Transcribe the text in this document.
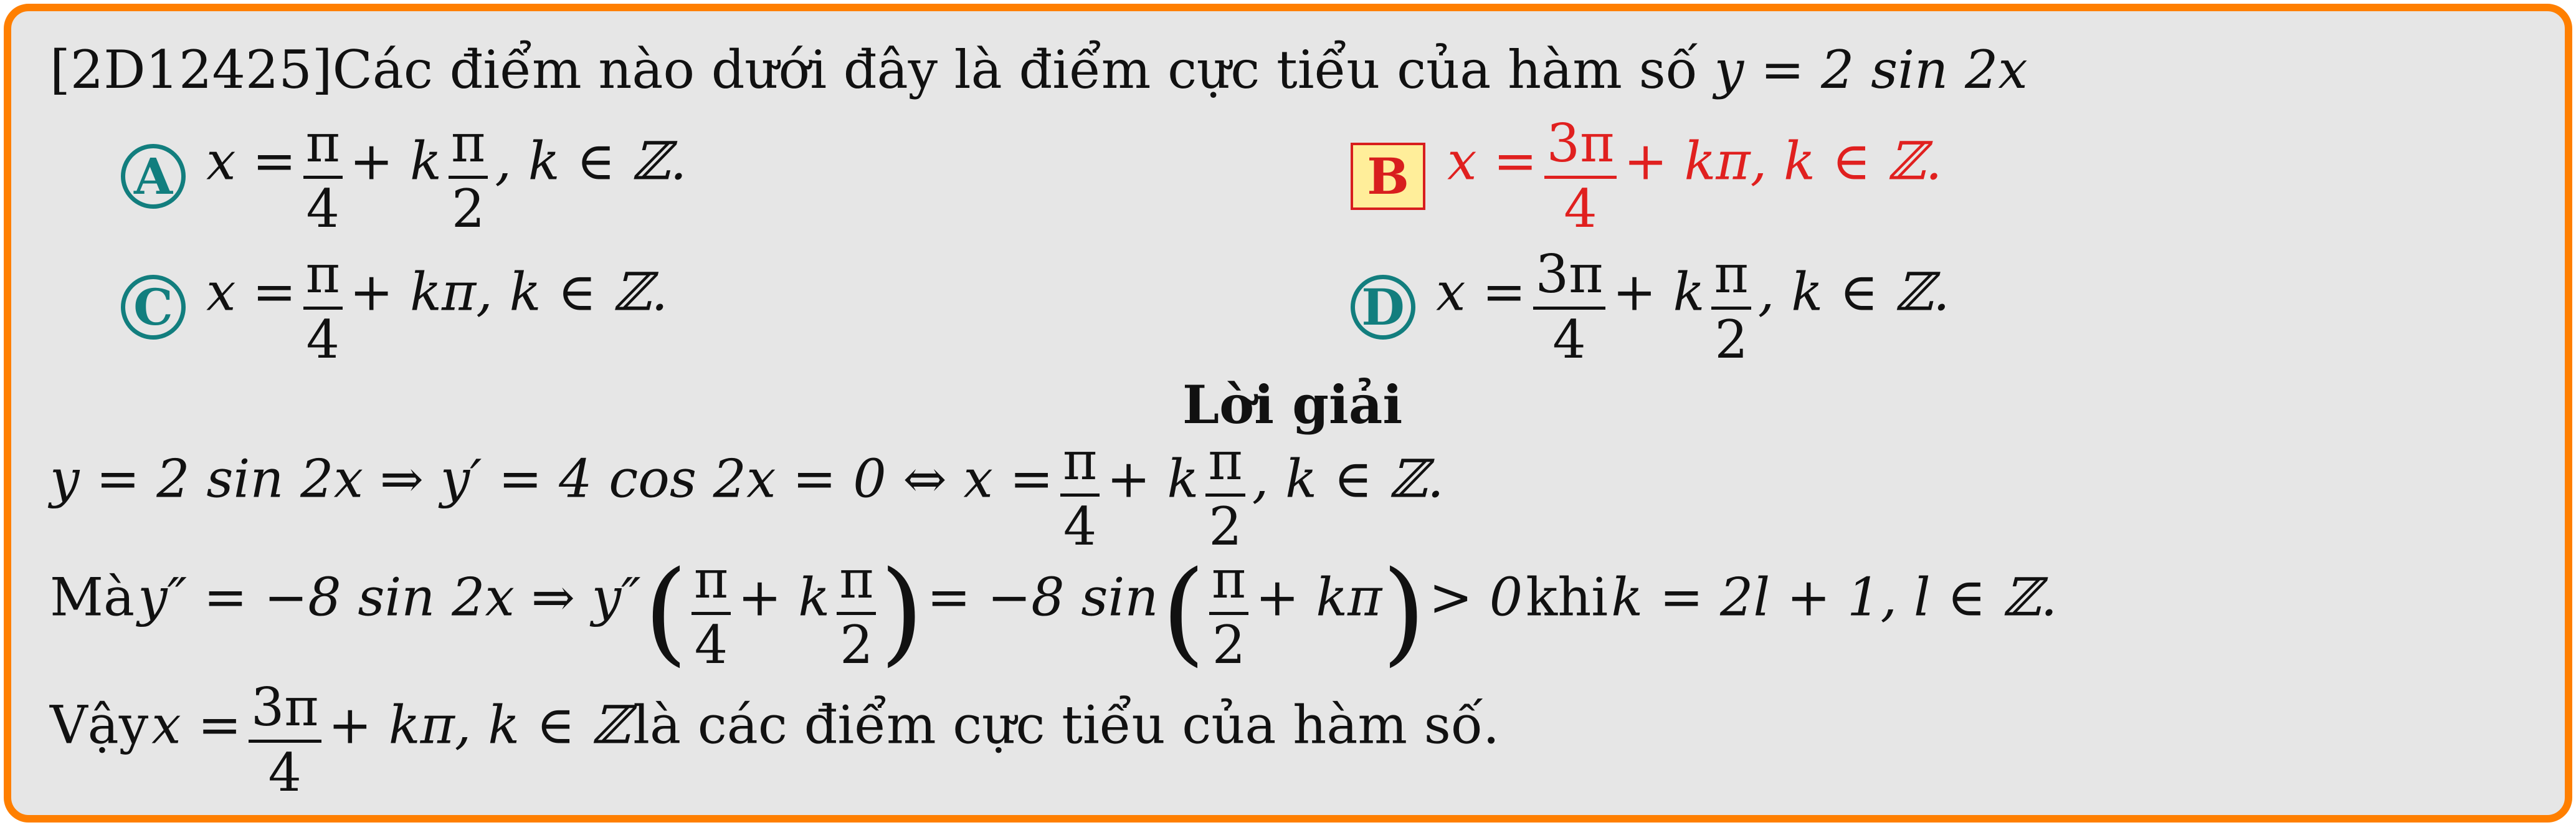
[2D12425]Các điểm nào dưới đây là điểm cực tiểu của hàm số y = 2 sin 2x
A x = π
4
+ k π
2
, k ∈ ℤ.	B x = 3π
4
+ kπ, k ∈ ℤ.
C x = π
4
+ kπ, k ∈ ℤ.	D x = 3π
4
+ k π
2
, k ∈ ℤ.
Lời giải
y = 2 sin 2x ⇒ y′ = 4 cos 2x = 0 ⇔ x = π
4
+ k π
2
, k ∈ ℤ.
Mà y″ = −8 sin 2x ⇒ y″ ( π
4
+ k π
2 ) = −8 sin ( π
2
+ kπ) > 0 khi k = 2l + 1, l ∈ ℤ.
Vậy x = 3π
4
+ kπ, k ∈ ℤ là các điểm cực tiểu của hàm số.
